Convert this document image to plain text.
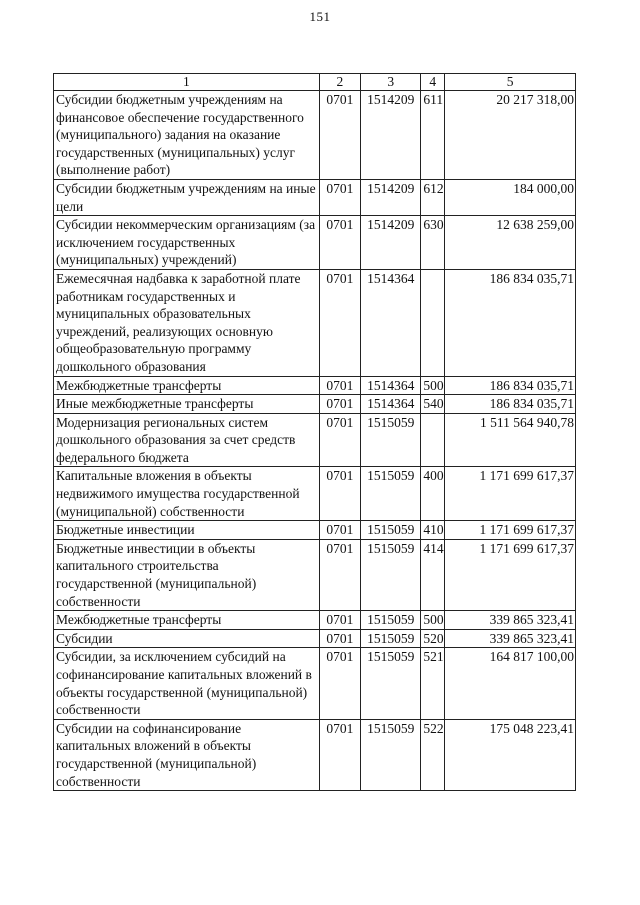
151
1	2	3	4	5
Субсидии бюджетным учреждениям на финансовое обеспечение государственного (муниципального) задания на оказание государственных (муниципальных) услуг (выполнение работ)	0701	1514209	611	20 217 318,00
Субсидии бюджетным учреждениям на иные цели	0701	1514209	612	184 000,00
Субсидии некоммерческим организациям (за исключением государственных (муниципальных) учреждений)	0701	1514209	630	12 638 259,00
Ежемесячная надбавка к заработной плате работникам государственных и муниципальных образовательных учреждений, реализующих основную общеобразовательную программу дошкольного образования	0701	1514364		186 834 035,71
Межбюджетные трансферты	0701	1514364	500	186 834 035,71
Иные межбюджетные трансферты	0701	1514364	540	186 834 035,71
Модернизация региональных систем дошкольного образования за счет средств федерального бюджета	0701	1515059		1 511 564 940,78
Капитальные вложения в объекты недвижимого имущества государственной (муниципальной) собственности	0701	1515059	400	1 171 699 617,37
Бюджетные инвестиции	0701	1515059	410	1 171 699 617,37
Бюджетные инвестиции в объекты капитального строительства государственной (муниципальной) собственности	0701	1515059	414	1 171 699 617,37
Межбюджетные трансферты	0701	1515059	500	339 865 323,41
Субсидии	0701	1515059	520	339 865 323,41
Субсидии, за исключением субсидий на софинансирование капитальных вложений в объекты государственной (муниципальной) собственности	0701	1515059	521	164 817 100,00
Субсидии на софинансирование капитальных вложений в объекты государственной (муниципальной) собственности	0701	1515059	522	175 048 223,41
